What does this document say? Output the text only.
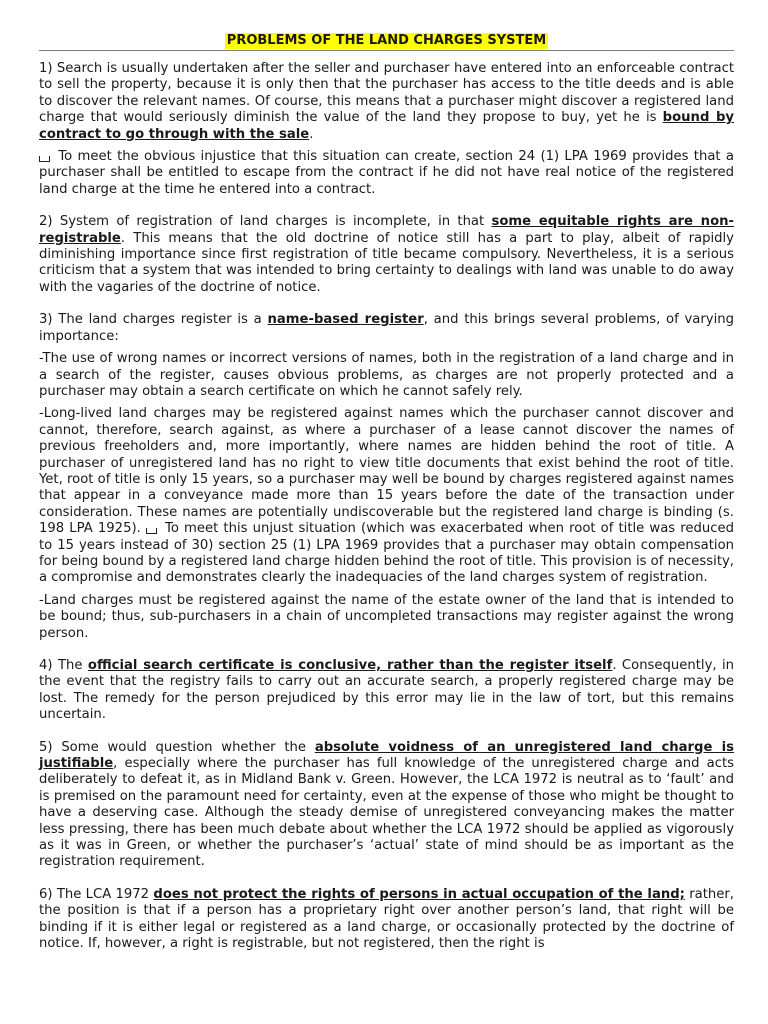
PROBLEMS OF THE LAND CHARGES SYSTEM

1) Search is usually undertaken after the seller and purchaser have entered into an enforceable contract to sell the property, because it is only then that the purchaser has access to the title deeds and is able to discover the relevant names. Of course, this means that a purchaser might discover a registered land charge that would seriously diminish the value of the land they propose to buy, yet he is bound by contract to go through with the sale.

To meet the obvious injustice that this situation can create, section 24 (1) LPA 1969 provides that a purchaser shall be entitled to escape from the contract if he did not have real notice of the registered land charge at the time he entered into a contract.

2) System of registration of land charges is incomplete, in that some equitable rights are non-registrable. This means that the old doctrine of notice still has a part to play, albeit of rapidly diminishing importance since first registration of title became compulsory. Nevertheless, it is a serious criticism that a system that was intended to bring certainty to dealings with land was unable to do away with the vagaries of the doctrine of notice.

3) The land charges register is a name-based register, and this brings several problems, of varying importance:

-The use of wrong names or incorrect versions of names, both in the registration of a land charge and in a search of the register, causes obvious problems, as charges are not properly protected and a purchaser may obtain a search certificate on which he cannot safely rely.

-Long-lived land charges may be registered against names which the purchaser cannot discover and cannot, therefore, search against, as where a purchaser of a lease cannot discover the names of previous freeholders and, more importantly, where names are hidden behind the root of title. A purchaser of unregistered land has no right to view title documents that exist behind the root of title. Yet, root of title is only 15 years, so a purchaser may well be bound by charges registered against names that appear in a conveyance made more than 15 years before the date of the transaction under consideration. These names are potentially undiscoverable but the registered land charge is binding (s. 198 LPA 1925).  To meet this unjust situation (which was exacerbated when root of title was reduced to 15 years instead of 30) section 25 (1) LPA 1969 provides that a purchaser may obtain compensation for being bound by a registered land charge hidden behind the root of title. This provision is of necessity, a compromise and demonstrates clearly the inadequacies of the land charges system of registration.

-Land charges must be registered against the name of the estate owner of the land that is intended to be bound; thus, sub-purchasers in a chain of uncompleted transactions may register against the wrong person.

4) The official search certificate is conclusive, rather than the register itself. Consequently, in the event that the registry fails to carry out an accurate search, a properly registered charge may be lost. The remedy for the person prejudiced by this error may lie in the law of tort, but this remains uncertain.

5) Some would question whether the absolute voidness of an unregistered land charge is justifiable, especially where the purchaser has full knowledge of the unregistered charge and acts deliberately to defeat it, as in Midland Bank v. Green. However, the LCA 1972 is neutral as to ‘fault’ and is premised on the paramount need for certainty, even at the expense of those who might be thought to have a deserving case. Although the steady demise of unregistered conveyancing makes the matter less pressing, there has been much debate about whether the LCA 1972 should be applied as vigorously as it was in Green, or whether the purchaser’s ‘actual’ state of mind should be as important as the registration requirement.

6) The LCA 1972 does not protect the rights of persons in actual occupation of the land; rather, the position is that if a person has a proprietary right over another person’s land, that right will be binding if it is either legal or registered as a land charge, or occasionally protected by the doctrine of notice. If, however, a right is registrable, but not registered, then the right is
